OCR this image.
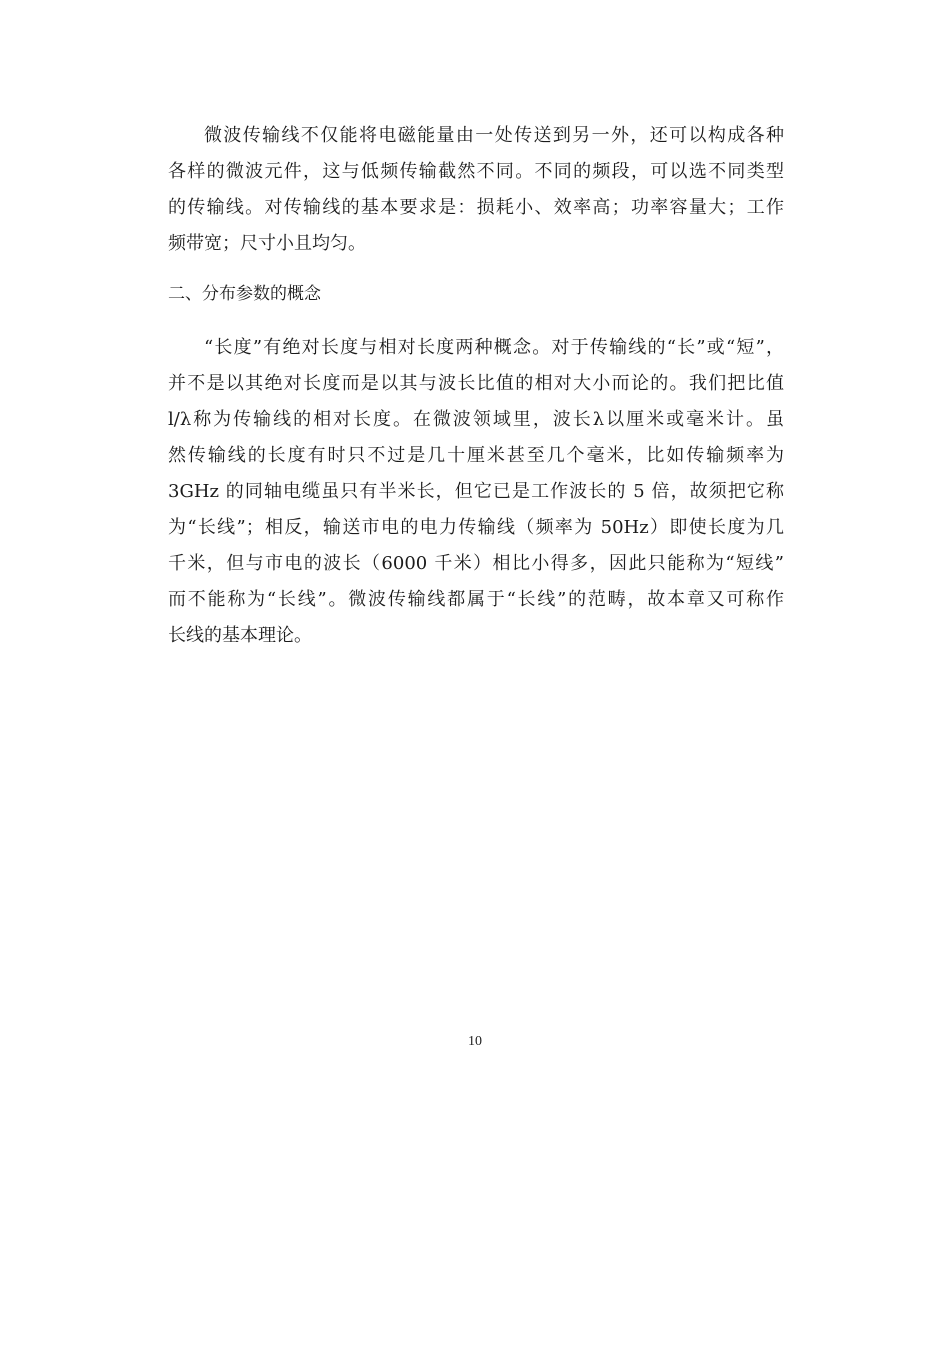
微波传输线不仅能将电磁能量由一处传送到另一外，还可以构成各种
各样的微波元件，这与低频传输截然不同。不同的频段，可以选不同类型
的传输线。对传输线的基本要求是：损耗小、效率高；功率容量大；工作
频带宽；尺寸小且均匀。
二、分布参数的概念
“长度”有绝对长度与相对长度两种概念。对于传输线的“长”或“短”，
并不是以其绝对长度而是以其与波长比值的相对大小而论的。我们把比值
l/λ称为传输线的相对长度。在微波领域里，波长λ以厘米或毫米计。虽
然传输线的长度有时只不过是几十厘米甚至几个毫米，比如传输频率为
3GHz 的同轴电缆虽只有半米长，但它已是工作波长的 5 倍，故须把它称
为“长线”；相反，输送市电的电力传输线（频率为 50Hz）即使长度为几
千米，但与市电的波长（6000 千米）相比小得多，因此只能称为“短线”
而不能称为“长线”。微波传输线都属于“长线”的范畴，故本章又可称作
长线的基本理论。
10
